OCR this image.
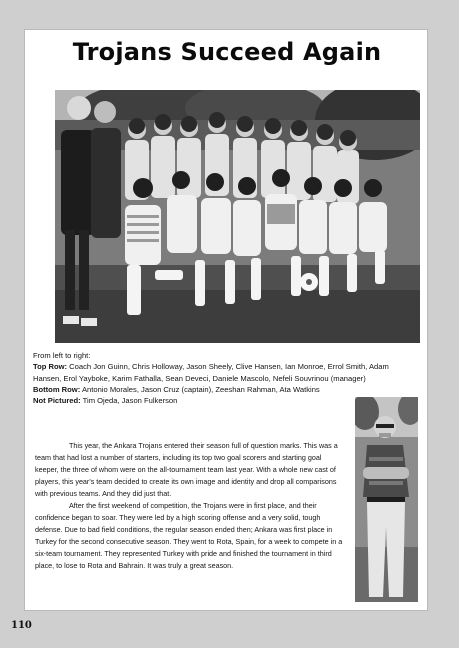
Trojans Succeed Again
From left to right:
Top Row: Coach Jon Guinn, Chris Holloway, Jason Sheely, Clive Hansen, Ian Monroe, Errol Smith, Adam Hansen, Erol Yayboke, Karim Fathalla, Sean Deveci, Daniele Mascolo, Nefeli Souvrinou (manager)
Bottom Row: Antonio Morales, Jason Cruz (captain), Zeeshan Rahman, Ata Watkins
Not Pictured: Tim Ojeda, Jason Fulkerson

This year, the Ankara Trojans entered their season full of question marks. This was a team that had lost a number of starters, including its top two goal scorers and starting goal keeper, the three of whom were on the all-tournament team last year. With a whole new cast of players, this year's team decided to create its own image and identity and drop all comparisons with previous teams. And they did just that.

After the first weekend of competition, the Trojans were in first place, and their confidence began to soar. They were led by a high scoring offense and a very solid, tough defense. Due to bad field conditions, the regular season ended then; Ankara was first place in Turkey for the second consecutive season. They went to Rota, Spain, for a week to compete in a six-team tournament. They represented Turkey with pride and finished the tournament in third place, to lose to Rota and Bahrain. It was truly a great season.

110
